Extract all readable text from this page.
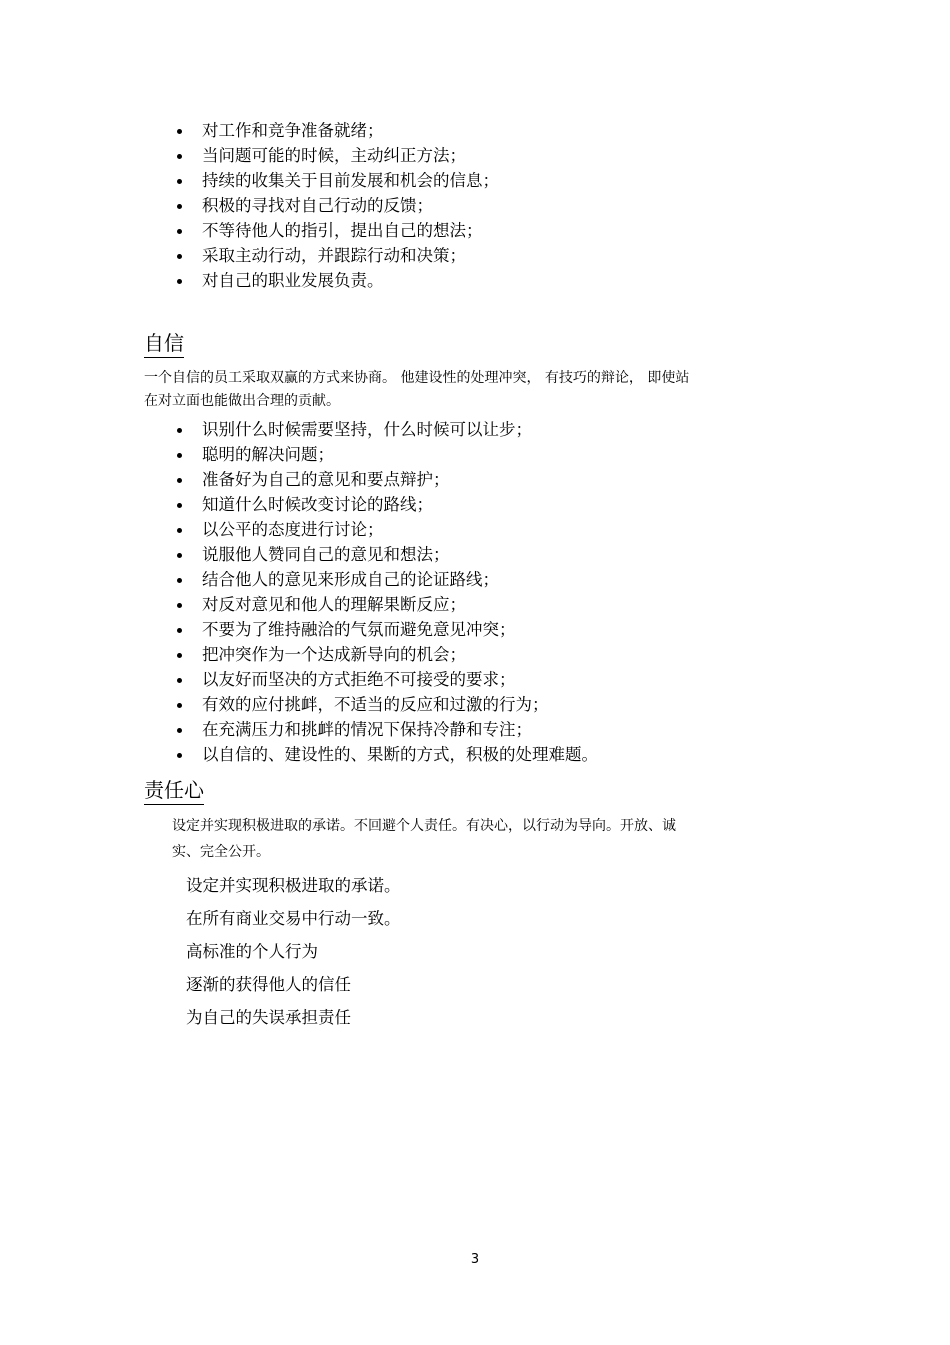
对工作和竞争准备就绪；
当问题可能的时候，主动纠正方法；
持续的收集关于目前发展和机会的信息；
积极的寻找对自己行动的反馈；
不等待他人的指引，提出自己的想法；
采取主动行动，并跟踪行动和决策；
对自己的职业发展负责。
自信

一个自信的员工采取双赢的方式来协商。 他建设性的处理冲突， 有技巧的辩论， 即使站

在对立面也能做出合理的贡献。

识别什么时候需要坚持，什么时候可以让步；
聪明的解决问题；
准备好为自己的意见和要点辩护；
知道什么时候改变讨论的路线；
以公平的态度进行讨论；
说服他人赞同自己的意见和想法；
结合他人的意见来形成自己的论证路线；
对反对意见和他人的理解果断反应；
不要为了维持融洽的气氛而避免意见冲突；
把冲突作为一个达成新导向的机会；
以友好而坚决的方式拒绝不可接受的要求；
有效的应付挑衅，不适当的反应和过激的行为；
在充满压力和挑衅的情况下保持冷静和专注；
以自信的、建设性的、果断的方式，积极的处理难题。
责任心

设定并实现积极进取的承诺。不回避个人责任。有决心，以行动为导向。开放、诚

实、完全公开。

设定并实现积极进取的承诺。
在所有商业交易中行动一致。
高标准的个人行为
逐渐的获得他人的信任
为自己的失误承担责任
3
